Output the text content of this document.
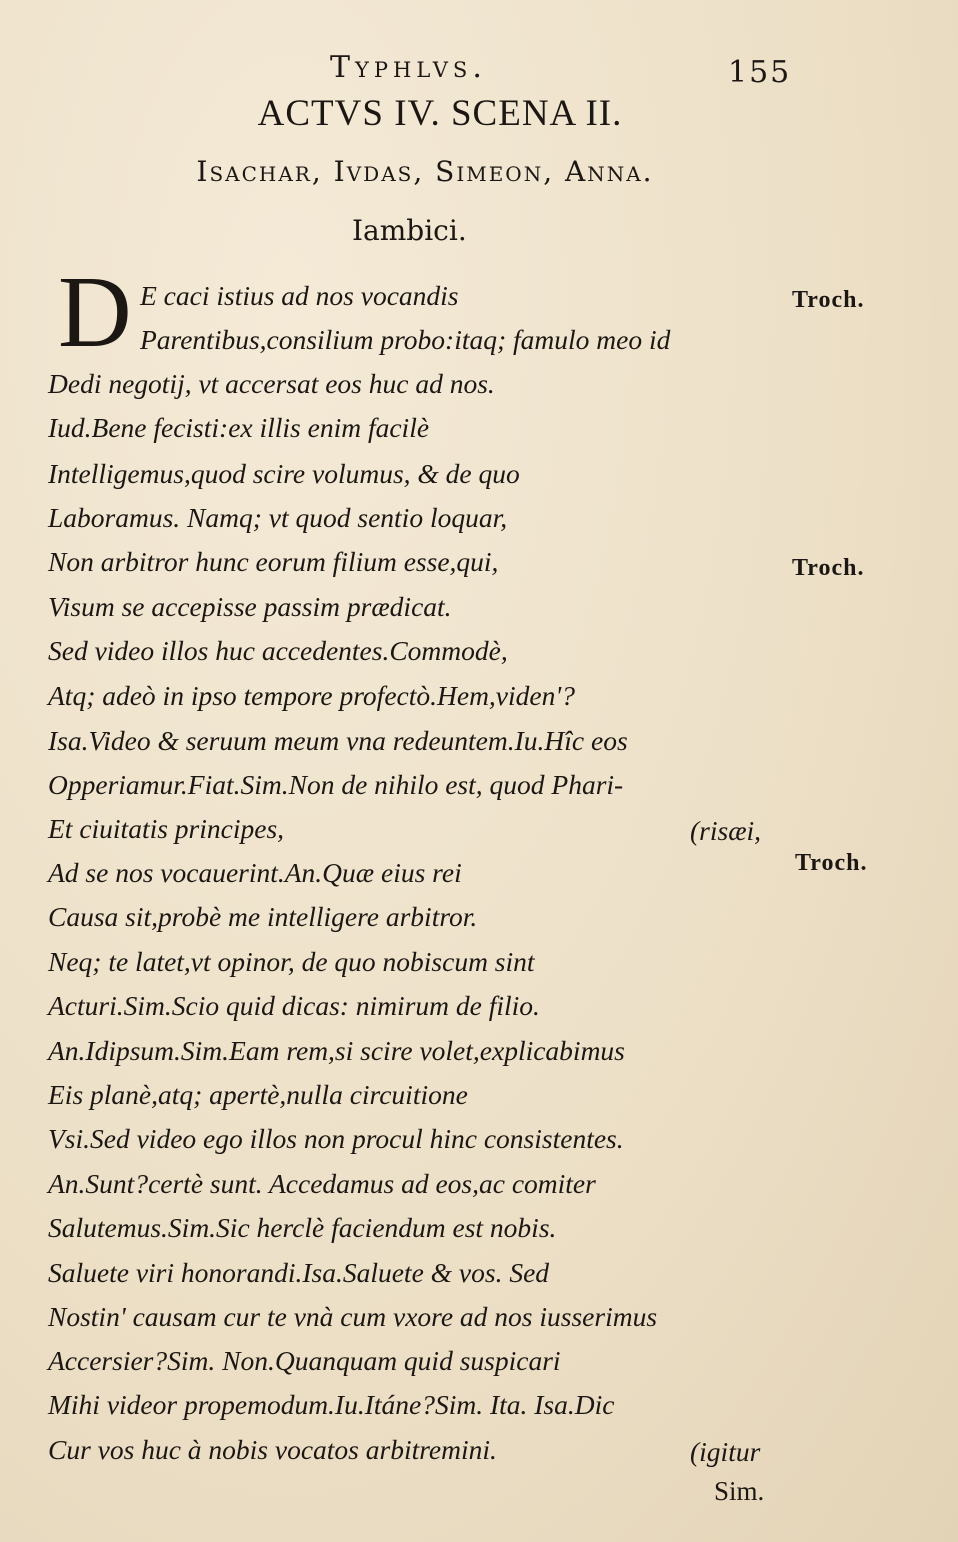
Typhlvs.	155
ACTVS IV. SCENA II.
Isachar, Ivdas, Simeon, Anna.
Iambici.
D E caci istius ad nos vocandis
Parentibus,consilium probo:itaq; famulo meo id
Dedi negotij, vt accersat eos huc ad nos.
Iud.Bene fecisti:ex illis enim facilè
Intelligemus,quod scire volumus, & de quo
Laboramus. Namq; vt quod sentio loquar,
Non arbitror hunc eorum filium esse,qui,
Visum se accepisse passim prædicat.
Sed video illos huc accedentes.Commodè,
Atq; adeò in ipso tempore profectò.Hem,viden'?
Isa.Video & seruum meum vna redeuntem.Iu.Hîc eos
Opperiamur.Fiat.Sim.Non de nihilo est, quod Phari-
Et ciuitatis principes,
Ad se nos vocauerint.An.Quæ eius rei
Causa sit,probè me intelligere arbitror.
Neq; te latet,vt opinor, de quo nobiscum sint
Acturi.Sim.Scio quid dicas: nimirum de filio.
An.Idipsum.Sim.Eam rem,si scire volet,explicabimus
Eis planè,atq; apertè,nulla circuitione
Vsi.Sed video ego illos non procul hinc consistentes.
An.Sunt?certè sunt. Accedamus ad eos,ac comiter
Salutemus.Sim.Sic herclè faciendum est nobis.
Saluete viri honorandi.Isa.Saluete & vos. Sed
Nostin' causam cur te vnà cum vxore ad nos iusserimus
Accersier?Sim. Non.Quanquam quid suspicari
Mihi videor propemodum.Iu.Itáne?Sim. Ita. Isa.Dic
Cur vos huc à nobis vocatos arbitremini.
Troch.
Troch.
Troch.
(risæi,
(igitur
Sim.
